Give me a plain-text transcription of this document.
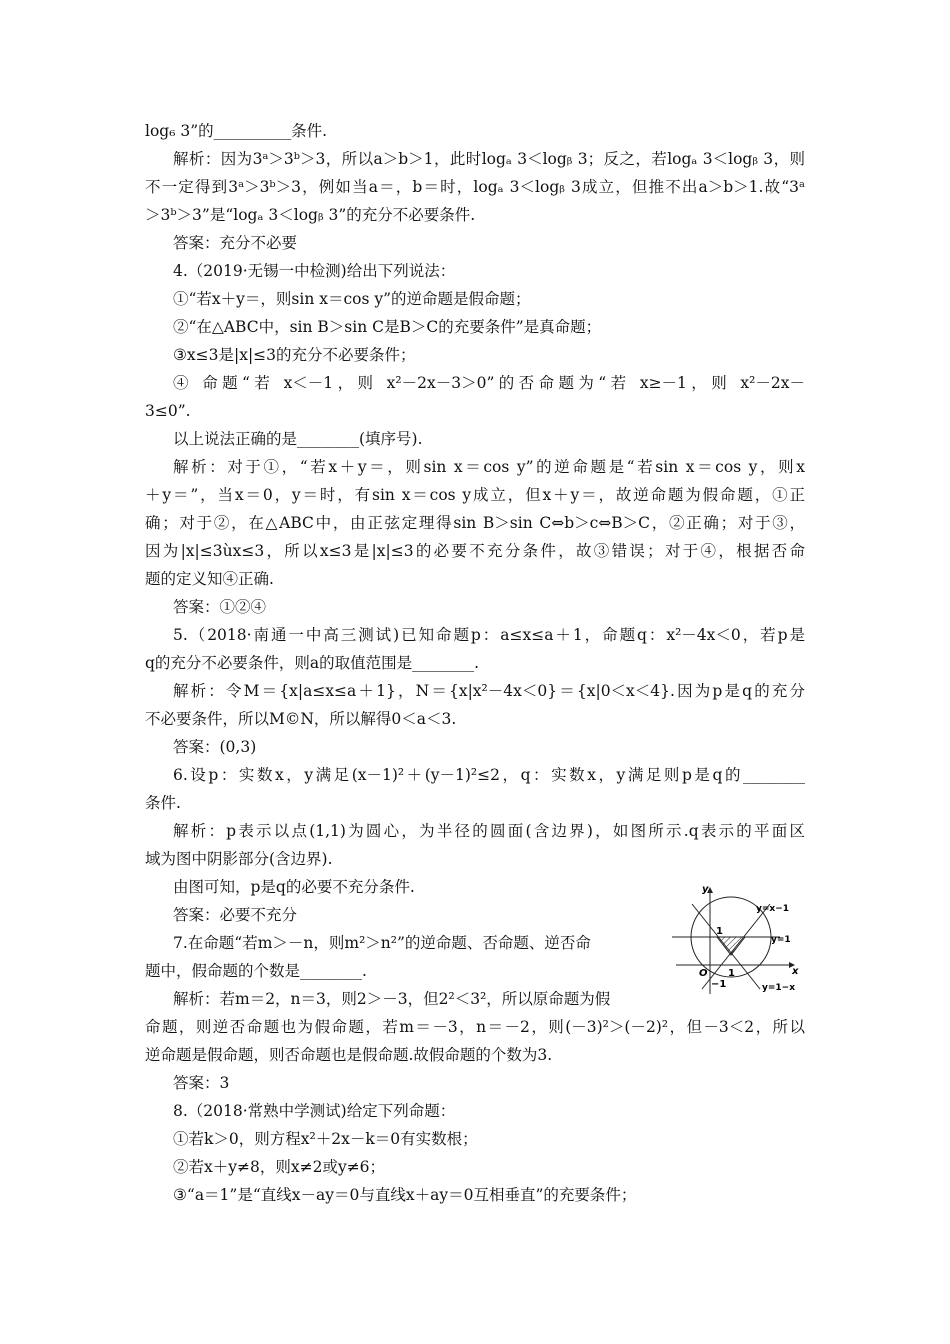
log₆ 3”的__________条件.
解析：因为3ᵃ＞3ᵇ＞3，所以a＞b＞1，此时logₐ 3＜logᵦ 3；反之，若logₐ 3＜logᵦ 3，则
不一定得到3ᵃ＞3ᵇ＞3，例如当a＝，b＝时，logₐ 3＜logᵦ 3成立，但推不出a＞b＞1.故“3ᵃ
＞3ᵇ＞3”是“logₐ 3＜logᵦ 3”的充分不必要条件.
答案：充分不必要
4.（2019·无锡一中检测)给出下列说法：
①“若x＋y＝，则sin x＝cos y”的逆命题是假命题；
②“在△ABC中，sin B＞sin C是B＞C的充要条件”是真命题；
③x≤3是|x|≤3的充分不必要条件；
④ 命题“若 x＜－1，则 x²－2x－3＞0”的否命题为“若 x≥－1，则 x²－2x－
3≤0”.
以上说法正确的是________(填序号).
解析：对于①，“若x＋y＝，则sin x＝cos y”的逆命题是“若sin x＝cos y，则x
＋y＝”，当x＝0，y＝时，有sin x＝cos y成立，但x＋y＝，故逆命题为假命题，①正
确；对于②，在△ABC中，由正弦定理得sin B＞sin C⇔b＞c⇔B＞C，②正确；对于③，
因为|x|≤3ùx≤3，所以x≤3是|x|≤3的必要不充分条件，故③错误；对于④，根据否命
题的定义知④正确.
答案：①②④
5.（2018·南通一中高三测试)已知命题p：a≤x≤a＋1，命题q：x²－4x＜0，若p是
q的充分不必要条件，则a的取值范围是________.
解析：令M＝{x|a≤x≤a＋1}，N＝{x|x²－4x＜0}＝{x|0＜x＜4}.因为p是q的充分
不必要条件，所以M©N，所以解得0＜a＜3.
答案：(0,3)
6.设p：实数x，y满足(x－1)²＋(y－1)²≤2，q：实数x，y满足则p是q的________
条件.
解析：p表示以点(1,1)为圆心，为半径的圆面(含边界)，如图所示.q表示的平面区
域为图中阴影部分(含边界).
由图可知，p是q的必要不充分条件.
答案：必要不充分
7.在命题“若m＞－n，则m²＞n²”的逆命题、否命题、逆否命
题中，假命题的个数是________.
解析：若m＝2，n＝3，则2＞－3，但2²＜3²，所以原命题为假
命题，则逆否命题也为假命题，若m＝－3，n＝－2，则(－3)²＞(－2)²，但－3＜2，所以
逆命题是假命题，则否命题也是假命题.故假命题的个数为3.
答案：3
8.（2018·常熟中学测试)给定下列命题：
①若k＞0，则方程x²＋2x－k＝0有实数根；
②若x＋y≠8，则x≠2或y≠6；
③“a＝1”是“直线x－ay＝0与直线x＋ay＝0互相垂直”的充要条件；
x
y
O
1
1
−1
y=x−1
y=1
y=1−x
